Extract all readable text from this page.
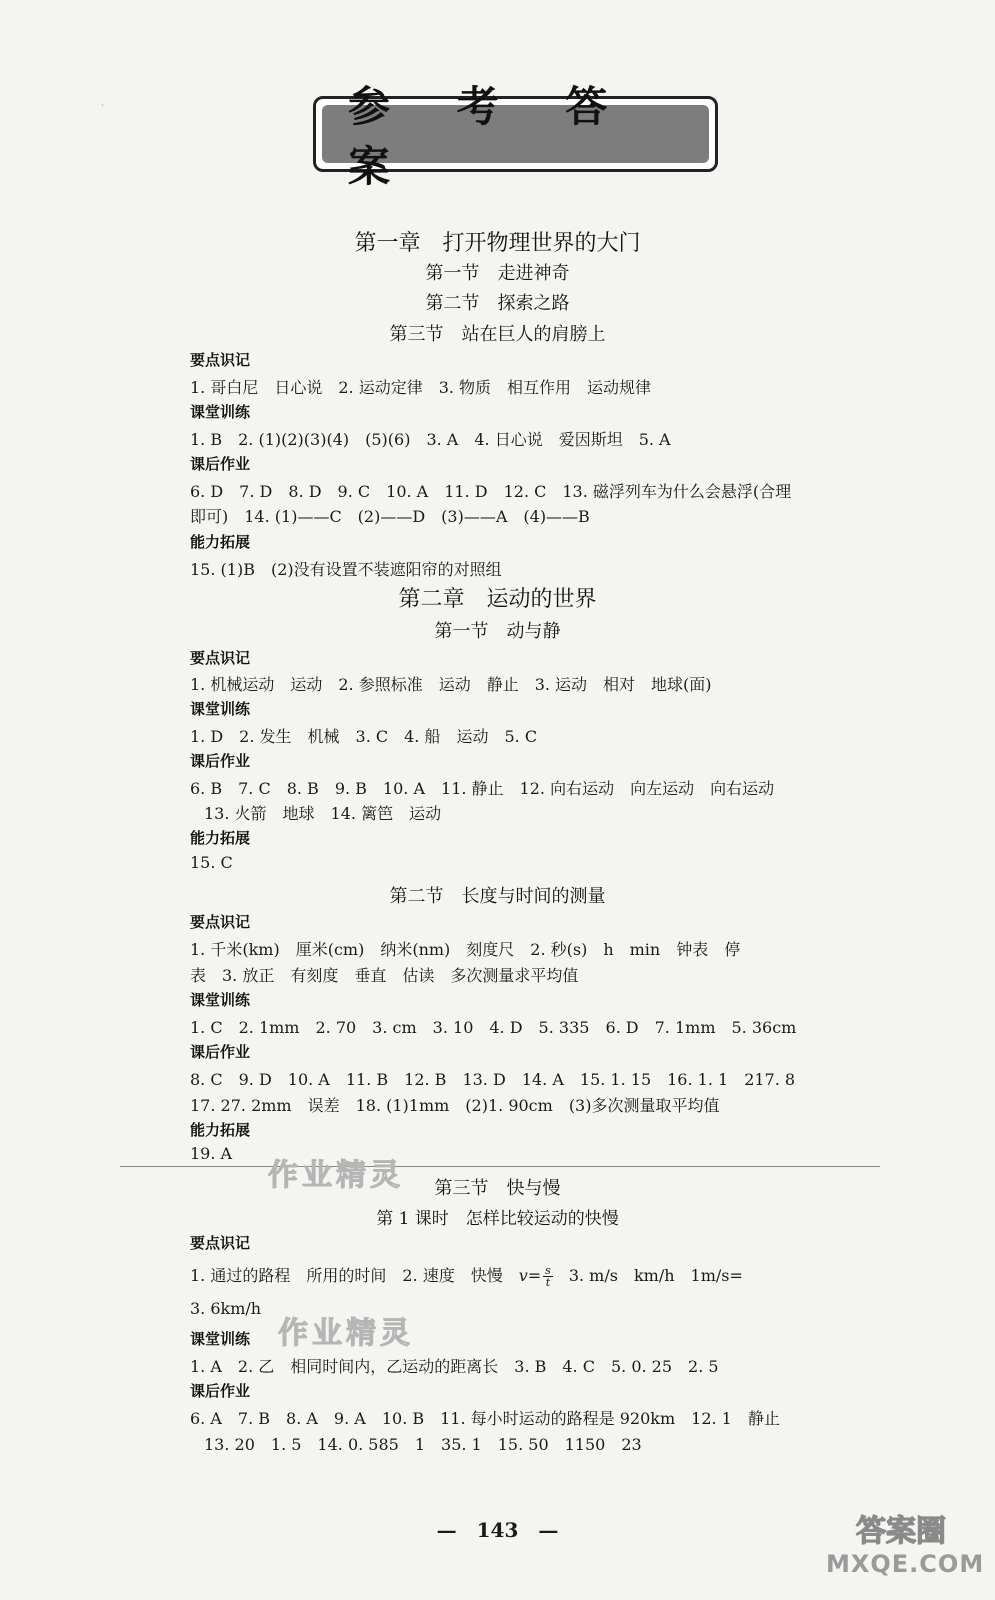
.	参 考 答 案
第一章　打开物理世界的大门
第一节　走进神奇
第二节　探索之路
第三节　站在巨人的肩膀上
要点识记
1. 哥白尼　日心说　2. 运动定律　3. 物质　相互作用　运动规律
课堂训练
1. B　2. (1)(2)(3)(4)　(5)(6)　3. A　4. 日心说　爱因斯坦　5. A
课后作业
6. D　7. D　8. D　9. C　10. A　11. D　12. C　13. 磁浮列车为什么会悬浮(合理
即可)　14. (1)——C　(2)——D　(3)——A　(4)——B
能力拓展
15. (1)B　(2)没有设置不装遮阳帘的对照组
第二章　运动的世界
第一节　动与静
要点识记
1. 机械运动　运动　2. 参照标准　运动　静止　3. 运动　相对　地球(面)
课堂训练
1. D　2. 发生　机械　3. C　4. 船　运动　5. C
课后作业
6. B　7. C　8. B　9. B　10. A　11. 静止　12. 向右运动　向左运动　向右运动
13. 火箭　地球　14. 篱笆　运动
能力拓展
15. C
第二节　长度与时间的测量
要点识记
1. 千米(km)　厘米(cm)　纳米(nm)　刻度尺　2. 秒(s)　h　min　钟表　停
表　3. 放正　有刻度　垂直　估读　多次测量求平均值
课堂训练
1. C　2. 1mm　2. 70　3. cm　3. 10　4. D　5. 335　6. D　7. 1mm　5. 36cm
课后作业
8. C　9. D　10. A　11. B　12. B　13. D　14. A　15. 1. 15　16. 1. 1　217. 8
17. 27. 2mm　误差　18. (1)1mm　(2)1. 90cm　(3)多次测量取平均值
能力拓展
19. A
作业精灵	第三节　快与慢
第 1 课时　怎样比较运动的快慢
要点识记
1. 通过的路程　所用的时间　2. 速度　快慢　$v= \frac{s}{t}$ 　3. m/s　km/h　1m/s=
3. 6km/h
作业精灵
课堂训练
1. A　2. 乙　相同时间内，乙运动的距离长　3. B　4. C　5. 0. 25　2. 5
课后作业
6. A　7. B　8. A　9. A　10. B　11. 每小时运动的路程是 920km　12. 1　静止
13. 20　1. 5　14. 0. 585　1　35. 1　15. 50　1150　23
—　143　—	答案圈
MXQE.COM
